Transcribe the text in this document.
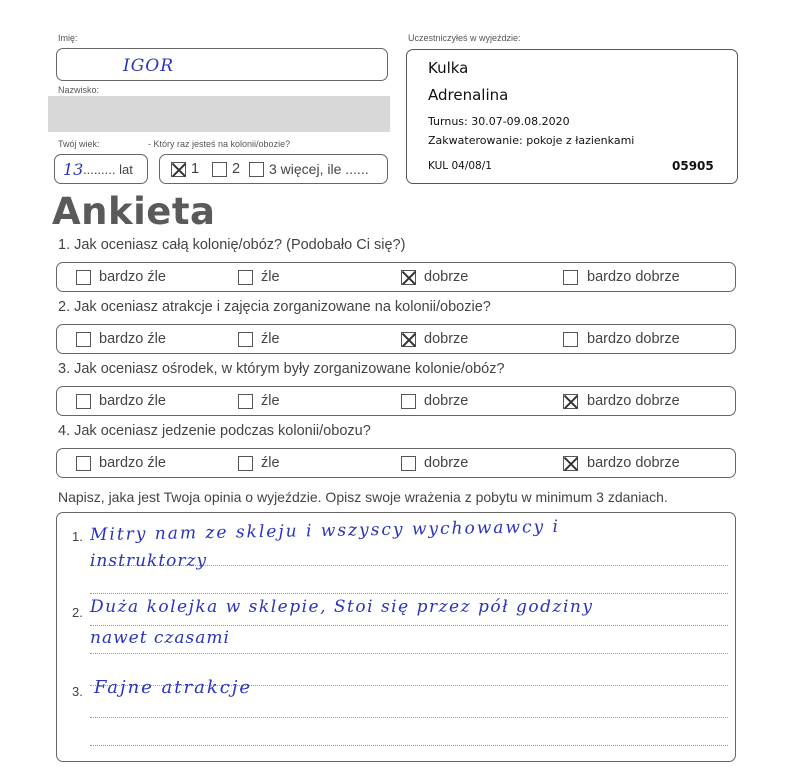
Imię:
IGOR
Nazwisko:
Twój wiek:
13 ......... lat
- Który raz jesteś na kolonii/obozie?
1 2 3 więcej, ile ......
Uczestniczyłeś w wyjeździe:
Kulka
Adrenalina
Turnus: 30.07-09.08.2020
Zakwaterowanie: pokoje z łazienkami
KUL 04/08/1	05905
Ankieta
1. Jak oceniasz całą kolonię/obóz? (Podobało Ci się?)
bardzo źle	źle	dobrze	bardzo dobrze
2. Jak oceniasz atrakcje i zajęcia zorganizowane na kolonii/obozie?
bardzo źle	źle	dobrze	bardzo dobrze
3. Jak oceniasz ośrodek, w którym były zorganizowane kolonie/obóz?
bardzo źle	źle	dobrze	bardzo dobrze
4. Jak oceniasz jedzenie podczas kolonii/obozu?
bardzo źle	źle	dobrze	bardzo dobrze
Napisz, jaka jest Twoja opinia o wyjeździe. Opisz swoje wrażenia z pobytu w minimum 3 zdaniach.
1. Mitry nam ze skleju i wszyscy wychowawcy i
instruktorzy
2. Duża kolejka w sklepie, Stoi się przez pół godziny
nawet czasami
3. Fajne atrakcje
